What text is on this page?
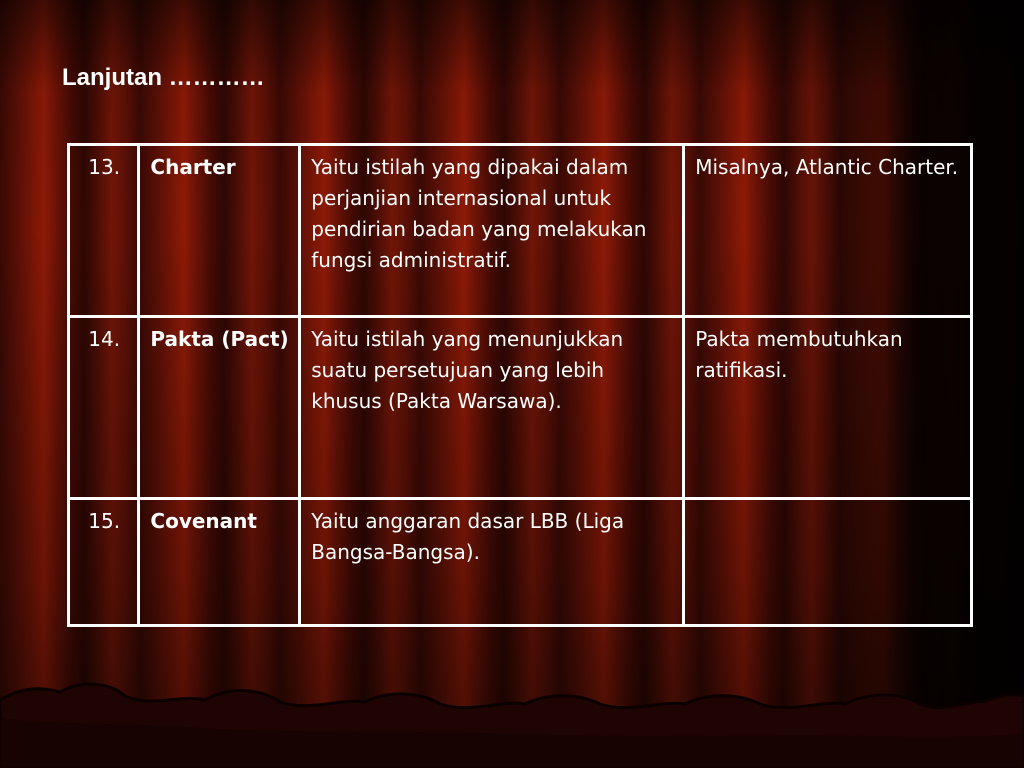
Lanjutan …………
13.	Charter	Yaitu istilah yang dipakai dalam perjanjian internasional untuk pendirian badan yang melakukan fungsi administratif.	Misalnya, Atlantic Charter.
14.	Pakta (Pact)	Yaitu istilah yang menunjukkan suatu persetujuan yang lebih khusus (Pakta Warsawa).	Pakta membutuhkan ratifikasi.
15.	Covenant	Yaitu anggaran dasar LBB (Liga Bangsa-Bangsa).	
